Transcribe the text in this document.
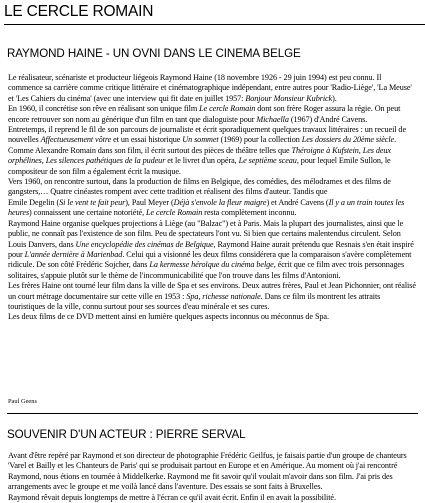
LE CERCLE ROMAIN
RAYMOND HAINE - UN OVNI DANS LE CINEMA BELGE

Le réalisateur, scénariste et producteur liégeois Raymond Haine (18 novembre 1926 - 29 juin 1994) est peu connu. Il commence sa carrière comme critique littéraire et cinématographique indépendant, entre autres pour 'Radio-Liège', 'La Meuse' et 'Les Cahiers du cinéma' (avec une interview qui fit date en juillet 1957: Bonjour Monsieur Kubrick).

En 1960, il concrétise son rêve en réalisant son unique film Le cercle Romain dont son frère Roger assura la régie. On peut encore retrouver son nom au générique d'un film en tant que dialoguiste pour Michaella (1967) d'André Cavens.

Entretemps, il reprend le fil de son parcours de journaliste et écrit sporadiquement quelques travaux littéraires : un recueil de nouvelles Affectueusement vôtre et un essai historique Un sommet (1969) pour la collection Les dossiers du 20ème siècle. Comme Alexandre Romain dans son film, il écrit surtout des pièces de théâtre telles que Théroigne à Kufstein, Les deux orphélines, Les silences pathétiques de la pudeur et le livret d'un opéra, Le septième sceau, pour lequel Emile Sullon, le compositeur de son film a également écrit la musique.

Vers 1960, on rencontre surtout, dans la production de films en Belgique, des comédies, des mélodrames et des films de gangsters,… Quatre cinéastes rompent avec cette tradition et réalisent des films d'auteur. Tandis que

Emile Degelin (Si le vent te fait peur), Paul Meyer (Déjà s'envole la fleur maigre) et André Cavens (Il y a un train toutes les heures) connaissent une certaine notoriété, Le cercle Romain resta complètement inconnu.

Raymond Haine organise quelques projections à Liège (au "Balzac") et à Paris. Mais la plupart des journalistes, ainsi que le public, ne connaît pas l'existence de son film. Peu de spectateurs l'ont vu. Si bien que certains malentendus circulent. Selon Louis Danvers, dans Une encyclopédie des cinémas de Belgique, Raymond Haine aurait prétendu que Resnais s'en était inspiré pour L'année dernière à Marienbad. Celui qui a visionné les deux films considérera que la comparaison s'avère complètement ridicule. De son côté Frédéric Sojcher, dans La kermesse héroïque du cinéma belge, écrit que ce film avec trois personnages solitaires, s'appuie plutôt sur le thème de l'incommunicabilité que l'on trouve dans les films d'Antonioni.

Les frères Haine ont tourné leur film dans la ville de Spa et ses environs. Deux autres frères, Paul et Jean Pichonnier, ont réalisé un court métrage documentaire sur cette ville en 1953 : Spa, richesse nationale. Dans ce film ils montrent les attraits touristiques de la ville, connu surtout pour ses sources d'eau minérale et ses cures.

Les deux films de ce DVD mettent ainsi en lumière quelques aspects inconnus ou méconnus de Spa.

Paul Geens
SOUVENIR D'UN ACTEUR : PIERRE SERVAL

Avant d'être repéré par Raymond et son directeur de photographie Frédéric Geilfus, je faisais partie d'un groupe de chanteurs 'Varel et Bailly et les Chanteurs de Paris' qui se produisait partout en Europe et en Amérique. Au moment où j'ai rencontré Raymond, nous étions en tournée à Middelkerke. Raymond me fit savoir qu'il voulait m'avoir dans son film. J'ai pris des arrangements avec le groupe et me voilà lancé dans l'aventure. Des essais se sont faits à Bruxelles.

Raymond rêvait depuis longtemps de mettre à l'écran ce qu'il avait écrit. Enfin il en avait la possibilité.
